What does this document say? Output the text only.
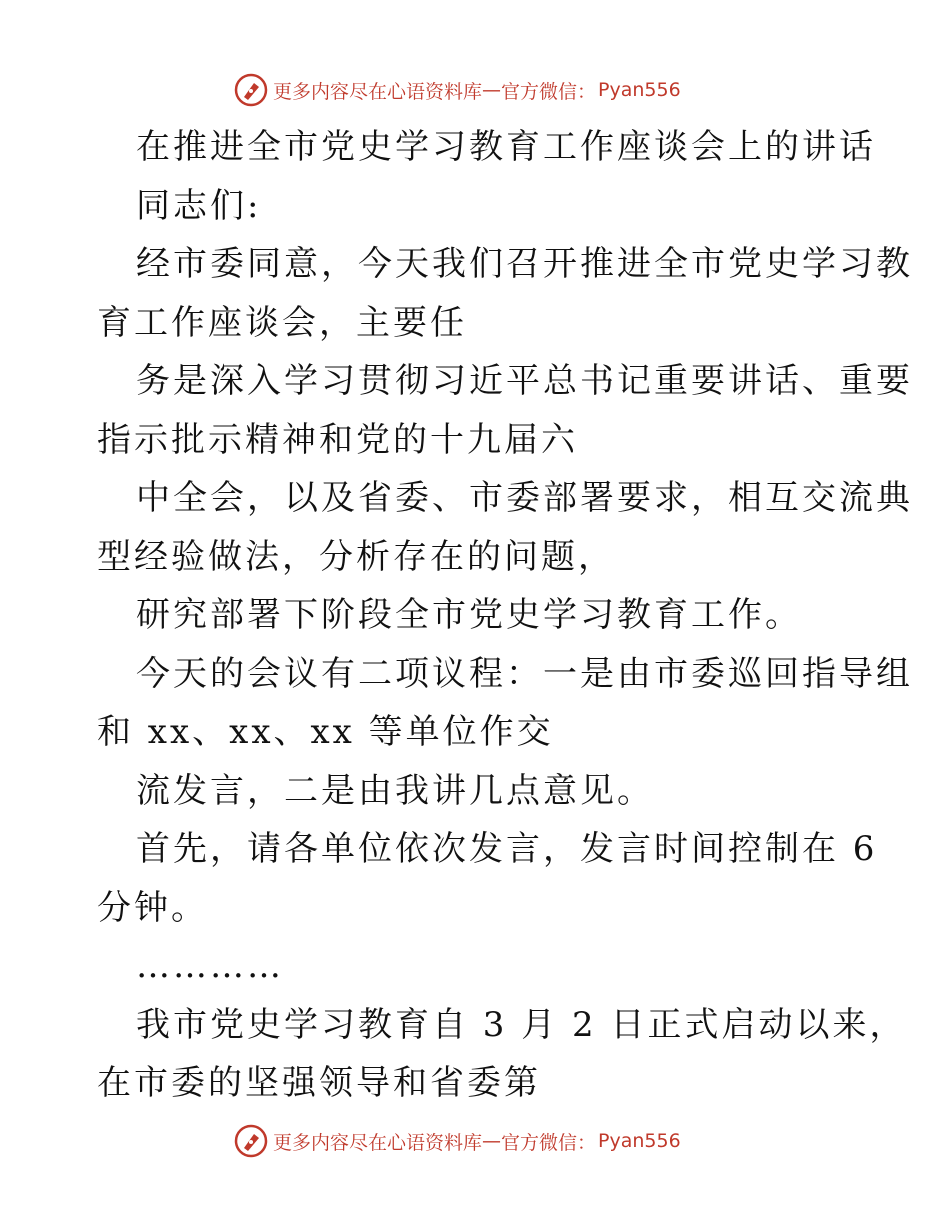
更多内容尽在心语资料库 — 官方微信： Pyan556
在推进全市党史学习教育工作座谈会上的讲话
同志们:
经市委同意，今天我们召开推进全市党史学习教
育工作座谈会，主要任
务是深入学习贯彻习近平总书记重要讲话、重要
指示批示精神和党的十九届六
中全会，以及省委、市委部署要求，相互交流典
型经验做法，分析存在的问题，
研究部署下阶段全市党史学习教育工作。
今天的会议有二项议程：一是由市委巡回指导组
和 xx、xx、xx 等单位作交
流发言，二是由我讲几点意见。
首先，请各单位依次发言，发言时间控制在 6
分钟。
…………
我市党史学习教育自 3 月 2 日正式启动以来，
在市委的坚强领导和省委第
更多内容尽在心语资料库 — 官方微信： Pyan556
